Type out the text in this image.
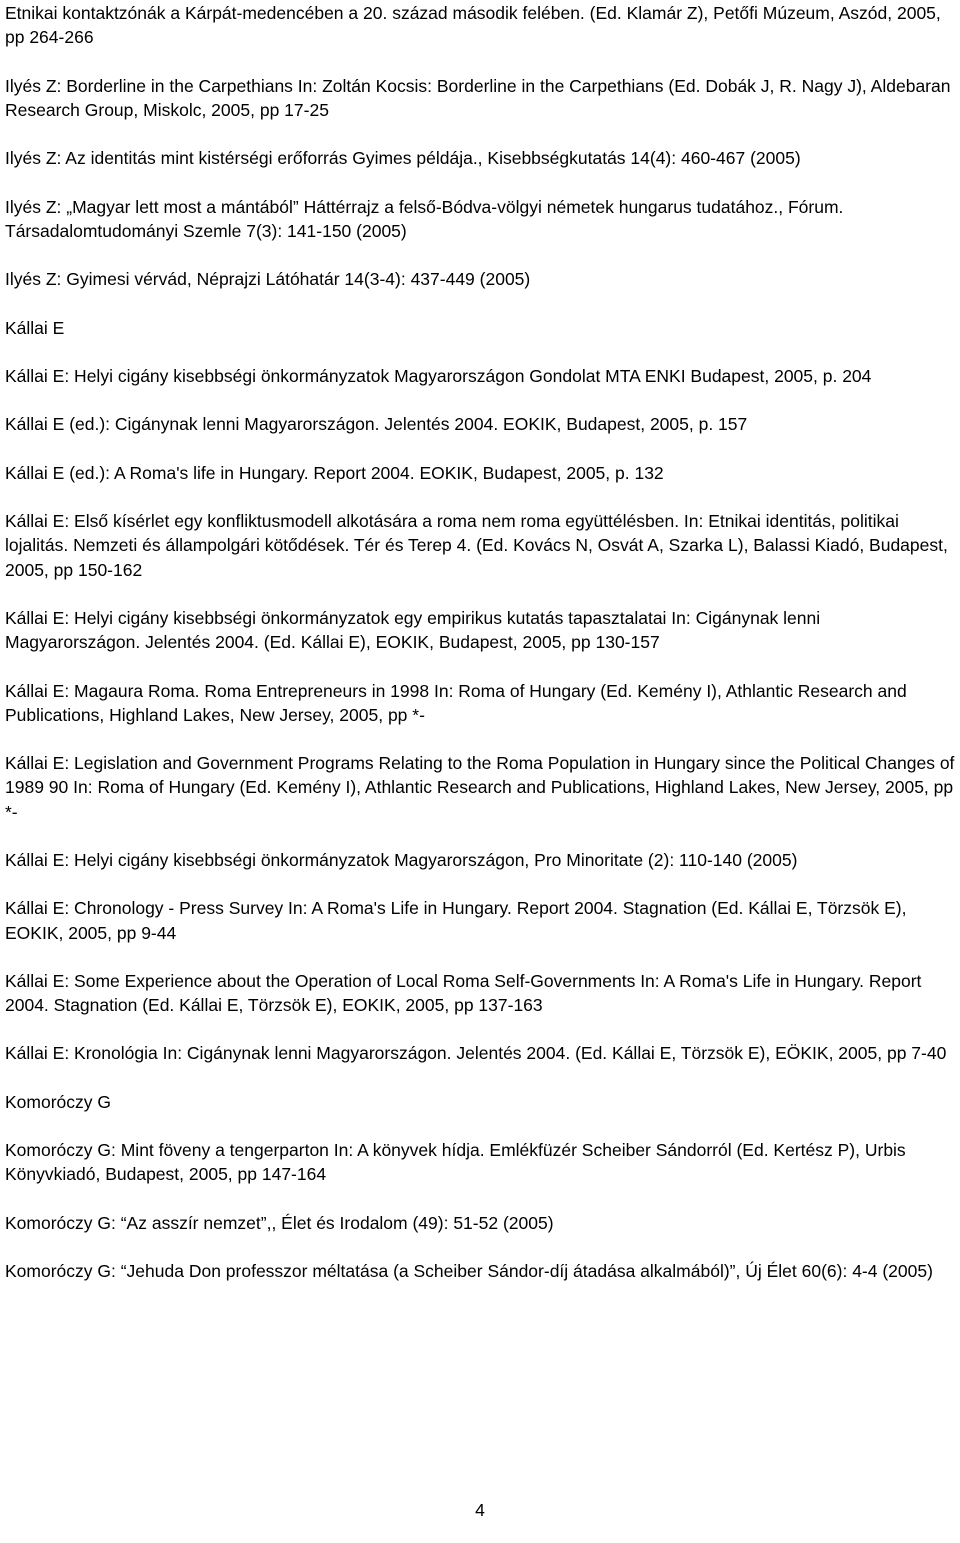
Etnikai kontaktzónák a Kárpát-medencében a 20. század második felében. (Ed. Klamár Z), Petőfi Múzeum, Aszód, 2005, pp 264-266

Ilyés Z: Borderline in the Carpethians In: Zoltán Kocsis: Borderline in the Carpethians (Ed. Dobák J, R. Nagy J), Aldebaran Research Group, Miskolc, 2005, pp 17-25

Ilyés Z: Az identitás mint kistérségi erőforrás Gyimes példája., Kisebbségkutatás 14(4): 460-467 (2005)

Ilyés Z: „Magyar lett most a mántából” Háttérrajz a felső-Bódva-völgyi németek hungarus tudatához., Fórum. Társadalomtudományi Szemle 7(3): 141-150 (2005)

Ilyés Z: Gyimesi vérvád, Néprajzi Látóhatár 14(3-4): 437-449 (2005)

Kállai E

Kállai E: Helyi cigány kisebbségi önkormányzatok Magyarországon Gondolat MTA ENKI Budapest, 2005, p. 204

Kállai E (ed.): Cigánynak lenni Magyarországon. Jelentés 2004. EOKIK, Budapest, 2005, p. 157

Kállai E (ed.): A Roma's life in Hungary. Report 2004. EOKIK, Budapest, 2005, p. 132

Kállai E: Első kísérlet egy konfliktusmodell alkotására a roma nem roma együttélésben. In: Etnikai identitás, politikai lojalitás. Nemzeti és állampolgári kötődések. Tér és Terep 4. (Ed. Kovács N, Osvát A, Szarka L), Balassi Kiadó, Budapest, 2005, pp 150-162

Kállai E: Helyi cigány kisebbségi önkormányzatok egy empirikus kutatás tapasztalatai In: Cigánynak lenni Magyarországon. Jelentés 2004. (Ed. Kállai E), EOKIK, Budapest, 2005, pp 130-157

Kállai E: Magaura Roma. Roma Entrepreneurs in 1998 In: Roma of Hungary (Ed. Kemény I), Athlantic Research and Publications, Highland Lakes, New Jersey, 2005, pp *-

Kállai E: Legislation and Government Programs Relating to the Roma Population in Hungary since the Political Changes of 1989 90 In: Roma of Hungary (Ed. Kemény I), Athlantic Research and Publications, Highland Lakes, New Jersey, 2005, pp *-

Kállai E: Helyi cigány kisebbségi önkormányzatok Magyarországon, Pro Minoritate (2): 110-140 (2005)

Kállai E: Chronology - Press Survey In: A Roma's Life in Hungary. Report 2004. Stagnation (Ed. Kállai E, Törzsök E), EOKIK, 2005, pp 9-44

Kállai E: Some Experience about the Operation of Local Roma Self-Governments In: A Roma's Life in Hungary. Report 2004. Stagnation (Ed. Kállai E, Törzsök E), EOKIK, 2005, pp 137-163

Kállai E: Kronológia In: Cigánynak lenni Magyarországon. Jelentés 2004. (Ed. Kállai E, Törzsök E), EÖKIK, 2005, pp 7-40

Komoróczy G

Komoróczy G: Mint föveny a tengerparton In: A könyvek hídja. Emlékfüzér Scheiber Sándorról (Ed. Kertész P), Urbis Könyvkiadó, Budapest, 2005, pp 147-164

Komoróczy G: “Az asszír nemzet”,, Élet és Irodalom (49): 51-52 (2005)

Komoróczy G: “Jehuda Don professzor méltatása (a Scheiber Sándor-díj átadása alkalmából)”, Új Élet 60(6): 4-4 (2005)

4
